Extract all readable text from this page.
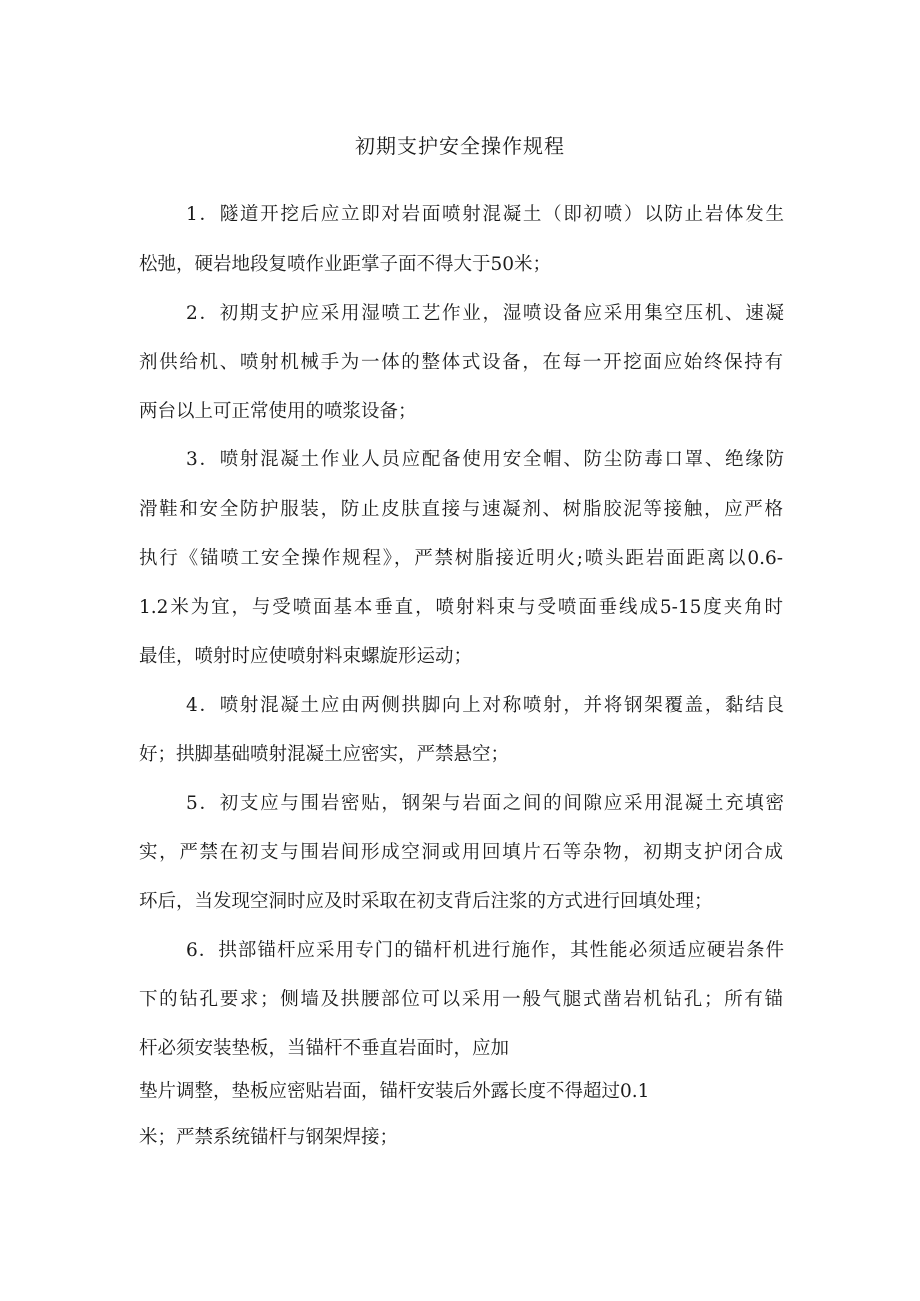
初期支护安全操作规程

1．隧道开挖后应立即对岩面喷射混凝土（即初喷）以防止岩体发生

松弛，硬岩地段复喷作业距掌子面不得大于50米；

2．初期支护应采用湿喷工艺作业，湿喷设备应采用集空压机、速凝

剂供给机、喷射机械手为一体的整体式设备，在每一开挖面应始终保持有

两台以上可正常使用的喷浆设备；

3．喷射混凝土作业人员应配备使用安全帽、防尘防毒口罩、绝缘防

滑鞋和安全防护服装，防止皮肤直接与速凝剂、树脂胶泥等接触，应严格

执行《锚喷工安全操作规程》，严禁树脂接近明火;喷头距岩面距离以0.6-

1.2米为宜，与受喷面基本垂直，喷射料束与受喷面垂线成5-15度夹角时

最佳，喷射时应使喷射料束螺旋形运动；

4．喷射混凝土应由两侧拱脚向上对称喷射，并将钢架覆盖，黏结良

好；拱脚基础喷射混凝土应密实，严禁悬空；

5．初支应与围岩密贴，钢架与岩面之间的间隙应采用混凝土充填密

实，严禁在初支与围岩间形成空洞或用回填片石等杂物，初期支护闭合成

环后，当发现空洞时应及时采取在初支背后注浆的方式进行回填处理；

6．拱部锚杆应采用专门的锚杆机进行施作，其性能必须适应硬岩条件

下的钻孔要求；侧墙及拱腰部位可以采用一般气腿式凿岩机钻孔；所有锚

杆必须安装垫板，当锚杆不垂直岩面时，应加

垫片调整，垫板应密贴岩面，锚杆安装后外露长度不得超过0.1

米；严禁系统锚杆与钢架焊接；
